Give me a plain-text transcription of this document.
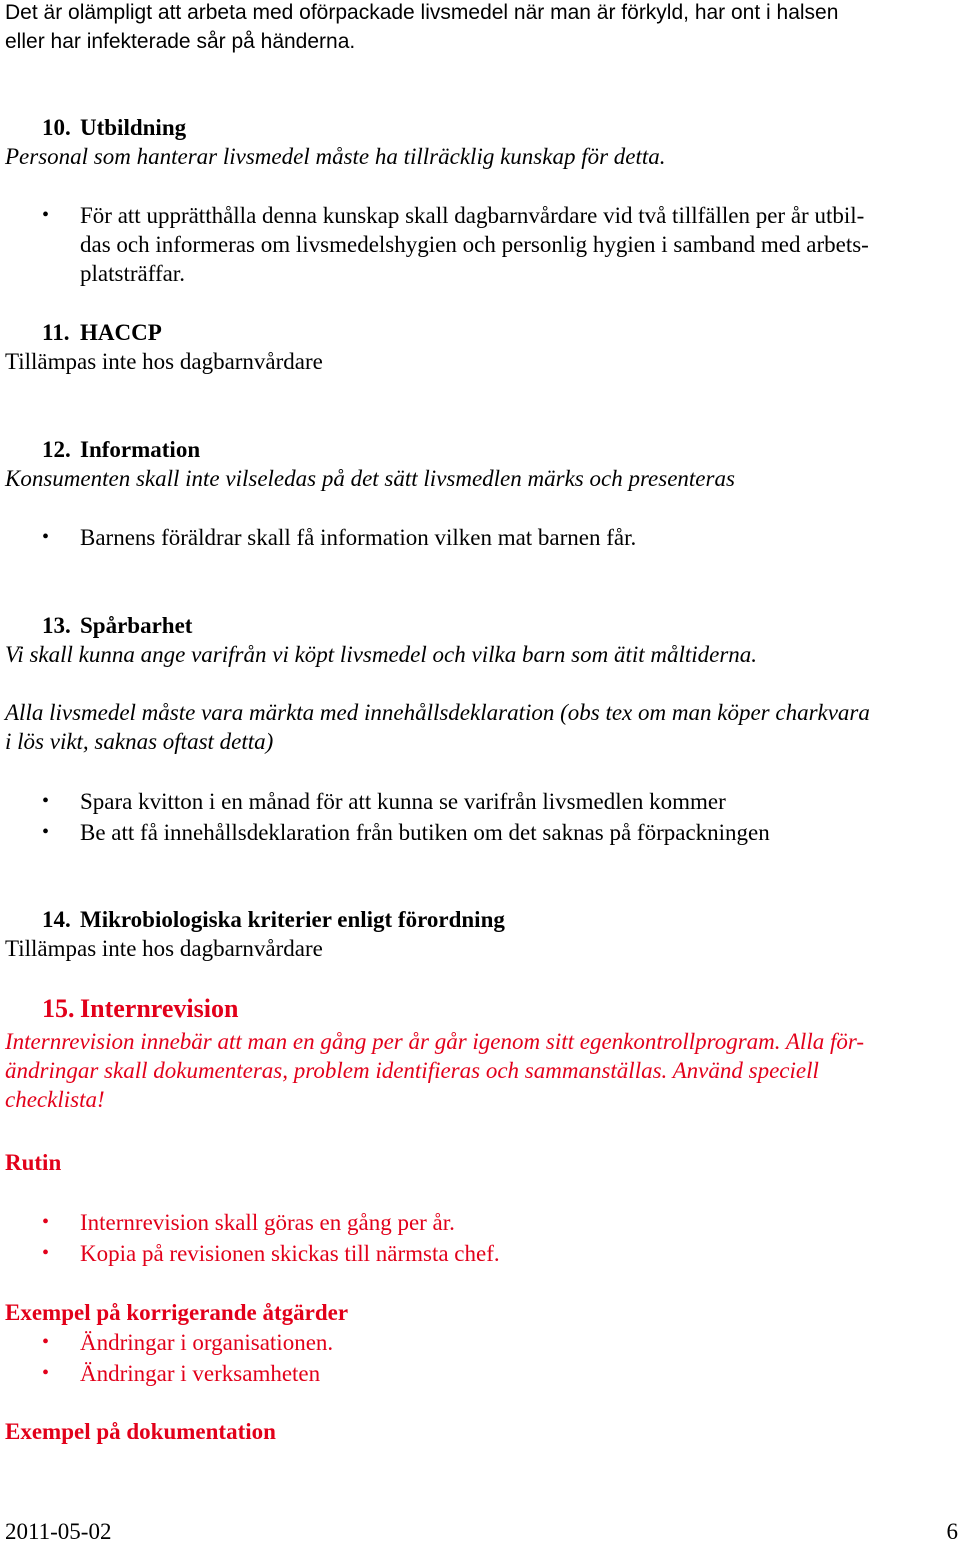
Det är olämpligt att arbeta med oförpackade livsmedel när man är förkyld, har ont i halsen
eller har infekterade sår på händerna.
10. Utbildning
Personal som hanterar livsmedel måste ha tillräcklig kunskap för detta.
• För att upprätthålla denna kunskap skall dagbarnvårdare vid två tillfällen per år utbil-
das och informeras om livsmedelshygien och personlig hygien i samband med arbets-
platsträffar.
11. HACCP
Tillämpas inte hos dagbarnvårdare
12. Information
Konsumenten skall inte vilseledas på det sätt livsmedlen märks och presenteras
• Barnens föräldrar skall få information vilken mat barnen får.
13. Spårbarhet
Vi skall kunna ange varifrån vi köpt livsmedel och vilka barn som ätit måltiderna.
Alla livsmedel måste vara märkta med innehållsdeklaration (obs tex om man köper charkvara
i lös vikt, saknas oftast detta)
• Spara kvitton i en månad för att kunna se varifrån livsmedlen kommer
• Be att få innehållsdeklaration från butiken om det saknas på förpackningen
14. Mikrobiologiska kriterier enligt förordning
Tillämpas inte hos dagbarnvårdare
15. Internrevision
Internrevision innebär att man en gång per år går igenom sitt egenkontrollprogram. Alla för-
ändringar skall dokumenteras, problem identifieras och sammanställas. Använd speciell
checklista!
Rutin
• Internrevision skall göras en gång per år.
• Kopia på revisionen skickas till närmsta chef.
Exempel på korrigerande åtgärder
• Ändringar i organisationen.
• Ändringar i verksamheten
Exempel på dokumentation
2011-05-02	6
